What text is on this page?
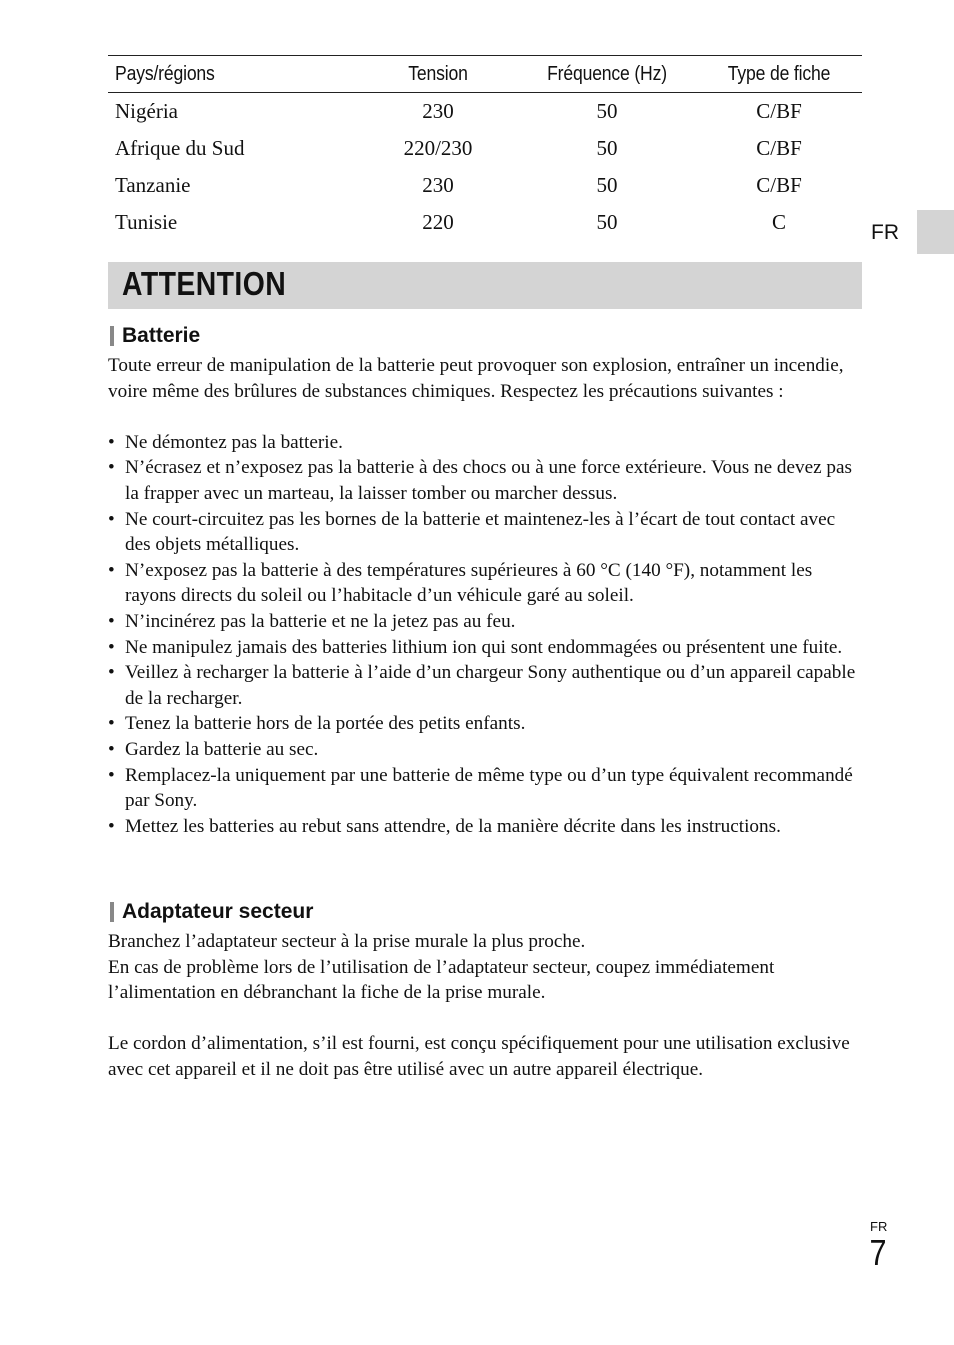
Pays/régions	Tension	Fréquence (Hz)	Type de fiche
Nigéria	230	50	C/BF
Afrique du Sud	220/230	50	C/BF
Tanzanie	230	50	C/BF
Tunisie	220	50	C	FR
ATTENTION
Batterie

Toute erreur de manipulation de la batterie peut provoquer son explosion, entraîner un incendie, voire même des brûlures de substances chimiques. Respectez les précautions suivantes :

• Ne démontez pas la batterie.
• N’écrasez et n’exposez pas la batterie à des chocs ou à une force extérieure. Vous ne devez pas la frapper avec un marteau, la laisser tomber ou marcher dessus.
• Ne court-circuitez pas les bornes de la batterie et maintenez-les à l’écart de tout contact avec des objets métalliques.
• N’exposez pas la batterie à des températures supérieures à 60 °C (140 °F), notamment les rayons directs du soleil ou l’habitacle d’un véhicule garé au soleil.
• N’incinérez pas la batterie et ne la jetez pas au feu.
• Ne manipulez jamais des batteries lithium ion qui sont endommagées ou présentent une fuite.
• Veillez à recharger la batterie à l’aide d’un chargeur Sony authentique ou d’un appareil capable de la recharger.
• Tenez la batterie hors de la portée des petits enfants.
• Gardez la batterie au sec.
• Remplacez-la uniquement par une batterie de même type ou d’un type équivalent recommandé par Sony.
• Mettez les batteries au rebut sans attendre, de la manière décrite dans les instructions.
Adaptateur secteur

Branchez l’adaptateur secteur à la prise murale la plus proche.

En cas de problème lors de l’utilisation de l’adaptateur secteur, coupez immédiatement l’alimentation en débranchant la fiche de la prise murale.

Le cordon d’alimentation, s’il est fourni, est conçu spécifiquement pour une utilisation exclusive avec cet appareil et il ne doit pas être utilisé avec un autre appareil électrique.

FR
7
